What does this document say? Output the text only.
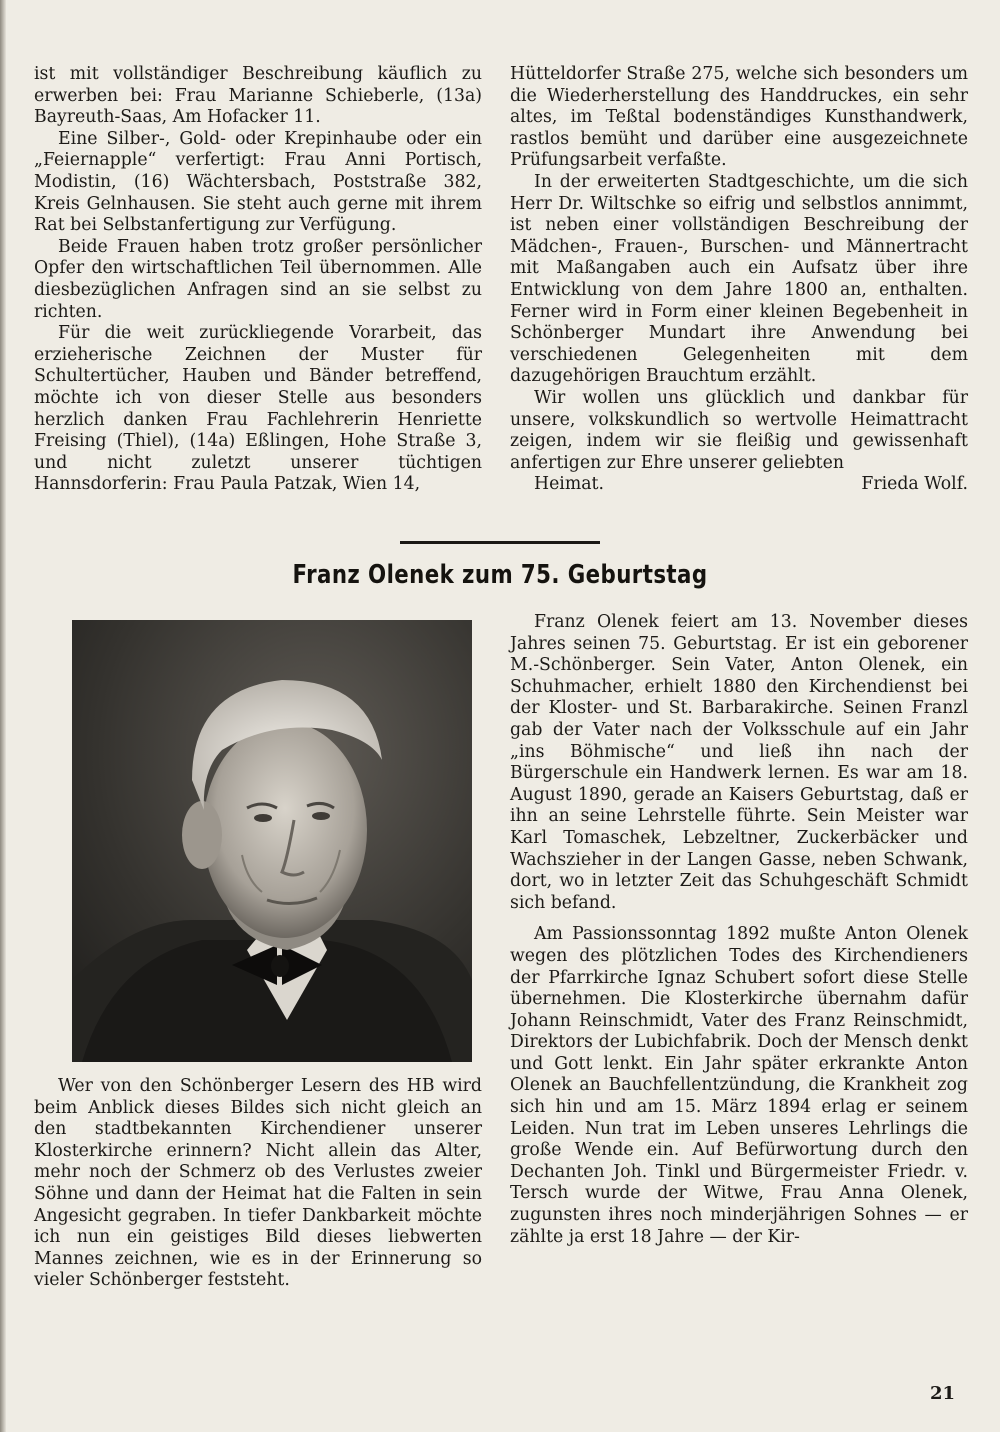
ist mit vollständiger Beschreibung käuflich zu erwerben bei: Frau Marianne Schieberle, (13a) Bayreuth-Saas, Am Hofacker 11.

Eine Silber-, Gold- oder Krepinhaube oder ein „Feiernapple“ verfertigt: Frau Anni Portisch, Modistin, (16) Wächtersbach, Poststraße 382, Kreis Gelnhausen. Sie steht auch gerne mit ihrem Rat bei Selbstanfertigung zur Verfügung.

Beide Frauen haben trotz großer persönlicher Opfer den wirtschaftlichen Teil übernommen. Alle diesbezüglichen Anfragen sind an sie selbst zu richten.

Für die weit zurückliegende Vorarbeit, das erzieherische Zeichnen der Muster für Schultertücher, Hauben und Bänder betreffend, möchte ich von dieser Stelle aus besonders herzlich danken Frau Fachlehrerin Henriette Freising (Thiel), (14a) Eßlingen, Hohe Straße 3, und nicht zuletzt unserer tüchtigen Hannsdorferin: Frau Paula Patzak, Wien 14,

Hütteldorfer Straße 275, welche sich besonders um die Wiederherstellung des Handdruckes, ein sehr altes, im Teßtal bodenständiges Kunsthandwerk, rastlos bemüht und darüber eine ausgezeichnete Prüfungsarbeit verfaßte.

In der erweiterten Stadtgeschichte, um die sich Herr Dr. Wiltschke so eifrig und selbstlos annimmt, ist neben einer vollständigen Beschreibung der Mädchen-, Frauen-, Burschen- und Männertracht mit Maßangaben auch ein Aufsatz über ihre Entwicklung von dem Jahre 1800 an, enthalten. Ferner wird in Form einer kleinen Begebenheit in Schönberger Mundart ihre Anwendung bei verschiedenen Gelegenheiten mit dem dazugehörigen Brauchtum erzählt.

Wir wollen uns glücklich und dankbar für unsere, volkskundlich so wertvolle Heimattracht zeigen, indem wir sie fleißig und gewissenhaft anfertigen zur Ehre unserer geliebten

Heimat.	Frieda Wolf.

Franz Olenek zum 75. Geburtstag

Franz Olenek feiert am 13. November dieses Jahres seinen 75. Geburtstag. Er ist ein geborener M.-Schönberger. Sein Vater, Anton Olenek, ein Schuhmacher, erhielt 1880 den Kirchendienst bei der Kloster- und St. Barbarakirche. Seinen Franzl gab der Vater nach der Volksschule auf ein Jahr „ins Böhmische“ und ließ ihn nach der Bürgerschule ein Handwerk lernen. Es war am 18. August 1890, gerade an Kaisers Geburtstag, daß er ihn an seine Lehrstelle führte. Sein Meister war Karl Tomaschek, Lebzeltner, Zuckerbäcker und Wachszieher in der Langen Gasse, neben Schwank, dort, wo in letzter Zeit das Schuhgeschäft Schmidt sich befand.

Am Passionssonntag 1892 mußte Anton Olenek wegen des plötzlichen Todes des Kirchendieners der Pfarrkirche Ignaz Schubert sofort diese Stelle übernehmen. Die Klosterkirche übernahm dafür Johann Reinschmidt, Vater des Franz Reinschmidt, Direktors der Lubichfabrik. Doch der Mensch denkt und Gott lenkt. Ein Jahr später erkrankte Anton Olenek an Bauchfellentzündung, die Krankheit zog sich hin und am 15. März 1894 erlag er seinem Leiden. Nun trat im Leben unseres Lehrlings die große Wende ein. Auf Befürwortung durch den Dechanten Joh. Tinkl und Bürgermeister Friedr. v. Tersch wurde der Witwe, Frau Anna Olenek, zugunsten ihres noch minderjährigen Sohnes — er zählte ja erst 18 Jahre — der Kir-

Wer von den Schönberger Lesern des HB wird beim Anblick dieses Bildes sich nicht gleich an den stadtbekannten Kirchendiener unserer Klosterkirche erinnern? Nicht allein das Alter, mehr noch der Schmerz ob des Verlustes zweier Söhne und dann der Heimat hat die Falten in sein Angesicht gegraben. In tiefer Dankbarkeit möchte ich nun ein geistiges Bild dieses liebwerten Mannes zeichnen, wie es in der Erinnerung so vieler Schönberger feststeht.

21
